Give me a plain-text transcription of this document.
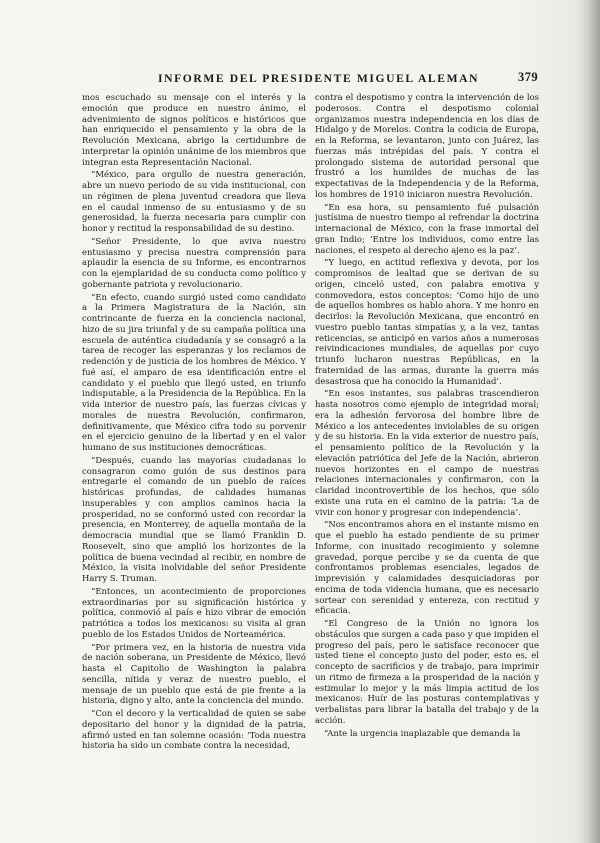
INFORME DEL PRESIDENTE MIGUEL ALEMAN	379

mos escuchado su mensaje con el interés y la emoción que produce en nuestro ánimo, el advenimiento de signos políticos e históricos que han enriquecido el pensamiento y la obra de la Revolución Mexicana, abrigo la certidumbre de interpretar la opinión unánime de los miembros que integran esta Representación Nacional.

“México, para orgullo de nuestra generación, abre un nuevo periodo de su vida institucional, con un régimen de plena juventud creadora que lleva en el caudal inmenso de su entusiasmo y de su generosidad, la fuerza necesaria para cumplir con honor y rectitud la responsabilidad de su destino.

“Señor Presidente, lo que aviva nuestro entusiasmo y precisa nuestra comprensión para aplaudir la esencia de su Informe, es encontrarnos con la ejemplaridad de su conducta como político y gobernante patriota y revolucionario.

“En efecto, cuando surgió usted como candidato a la Primera Magistratura de la Nación, sin contrincante de fuerza en la conciencia nacional, hizo de su jira triunfal y de su campaña política una escuela de auténtica ciudadanía y se consagró a la tarea de recoger las esperanzas y los reclamos de redención y de justicia de los hombres de México. Y fué así, el amparo de esa identificación entre el candidato y el pueblo que llegó usted, en triunfo indisputable, a la Presidencia de la República. En la vida interior de nuestro país, las fuerzas cívicas y morales de nuestra Revolución, confirmaron, definitivamente, que México cifra todo su porvenir en el ejercicio genuino de la libertad y en el valor humano de sus instituciones democráticas.

“Después, cuando las mayorías ciudadanas lo consagraron como guión de sus destinos para entregarle el comando de un pueblo de raíces históricas profundas, de calidades humanas insuperables y con amplios caminos hacia la prosperidad, no se conformó usted con recordar la presencia, en Monterrey, de aquella montaña de la democracia mundial que se llamó Franklin D. Roosevelt, sino que amplió los horizontes de la política de buena vecindad al recibir, en nombre de México, la visita inolvidable del señor Presidente Harry S. Truman.

“Entonces, un acontecimiento de proporciones extraordinarias por su significación histórica y política, conmovió al país e hizo vibrar de emoción patriótica a todos los mexicanos: su visita al gran pueblo de los Estados Unidos de Norteamérica.

“Por primera vez, en la historia de nuestra vida de nación soberana, un Presidente de México, llevó hasta el Capitolio de Washington la palabra sencilla, nítida y veraz de nuestro pueblo, el mensaje de un pueblo que está de pie frente a la historia, digno y alto, ante la conciencia del mundo.

“Con el decoro y la verticalidad de quien se sabe depositario del honor y la dignidad de la patria, afirmó usted en tan solemne ocasión: ‘Toda nuestra historia ha sido un combate contra la necesidad,

contra el despotismo y contra la intervención de los poderosos. Contra el despotismo colonial organizamos nuestra independencia en los días de Hidalgo y de Morelos. Contra la codicia de Europa, en la Reforma, se levantaron, junto con Juárez, las fuerzas más intrépidas del país. Y contra el prolongado sistema de autoridad personal que frustró a los humildes de muchas de las expectativas de la Independencia y de la Reforma, los hombres de 1910 iniciaron nuestra Revolución.

“En esa hora, su pensamiento fué pulsación justísima de nuestro tiempo al refrendar la doctrina internacional de México, con la frase inmortal del gran Indio; ‘Entre los individuos, como entre las naciones, el respeto al derecho ajeno es la paz’.

“Y luego, en actitud reflexiva y devota, por los compromisos de lealtad que se derivan de su origen, cinceló usted, con palabra emotiva y conmovedora, estos conceptos: ‘Como hijo de uno de aquellos hombres os hablo ahora. Y me honro en decirlos: la Revolución Mexicana, que encontró en vuestro pueblo tantas simpatías y, a la vez, tantas reticencias, se anticipó en varios años a numerosas reivindicaciones mundiales, de aquellas por cuyo triunfo lucharon nuestras Repúblicas, en la fraternidad de las armas, durante la guerra más desastrosa que ha conocido la Humanidad’.

“En esos instantes, sus palabras trascendieron hasta nosotros como ejemplo de integridad moral; era la adhesión fervorosa del hombre libre de México a los antecedentes inviolables de su origen y de su historia. En la vida exterior de nuestro país, el pensamiento político de la Revolución y la elevación patriótica del Jefe de la Nación, abrieron nuevos horizontes en el campo de nuestras relaciones internacionales y confirmaron, con la claridad incontrovertible de los hechos, que sólo existe una ruta en el camino de la patria: ‘La de vivir con honor y progresar con independencia’.

“Nos encontramos ahora en el instante mismo en que el pueblo ha estado pendiente de su primer Informe, con inusitado recogimiento y solemne gravedad, porque percibe y se da cuenta de que confrontamos problemas esenciales, legados de imprevisión y calamidades desquiciadoras por encima de toda videncia humana, que es necesario sortear con serenidad y entereza, con rectitud y eficacia.

“El Congreso de la Unión no ignora los obstáculos que surgen a cada paso y que impiden el progreso del país, pero le satisface reconocer que usted tiene el concepto justo del poder, esto es, el concepto de sacrificios y de trabajo, para imprimir un ritmo de firmeza a la prosperidad de la nación y estimular lo mejor y la más limpia actitud de los mexicanos: Huír de las posturas contemplativas y verbalistas para librar la batalla del trabajo y de la acción.

“Ante la urgencia inaplazable que demanda la
